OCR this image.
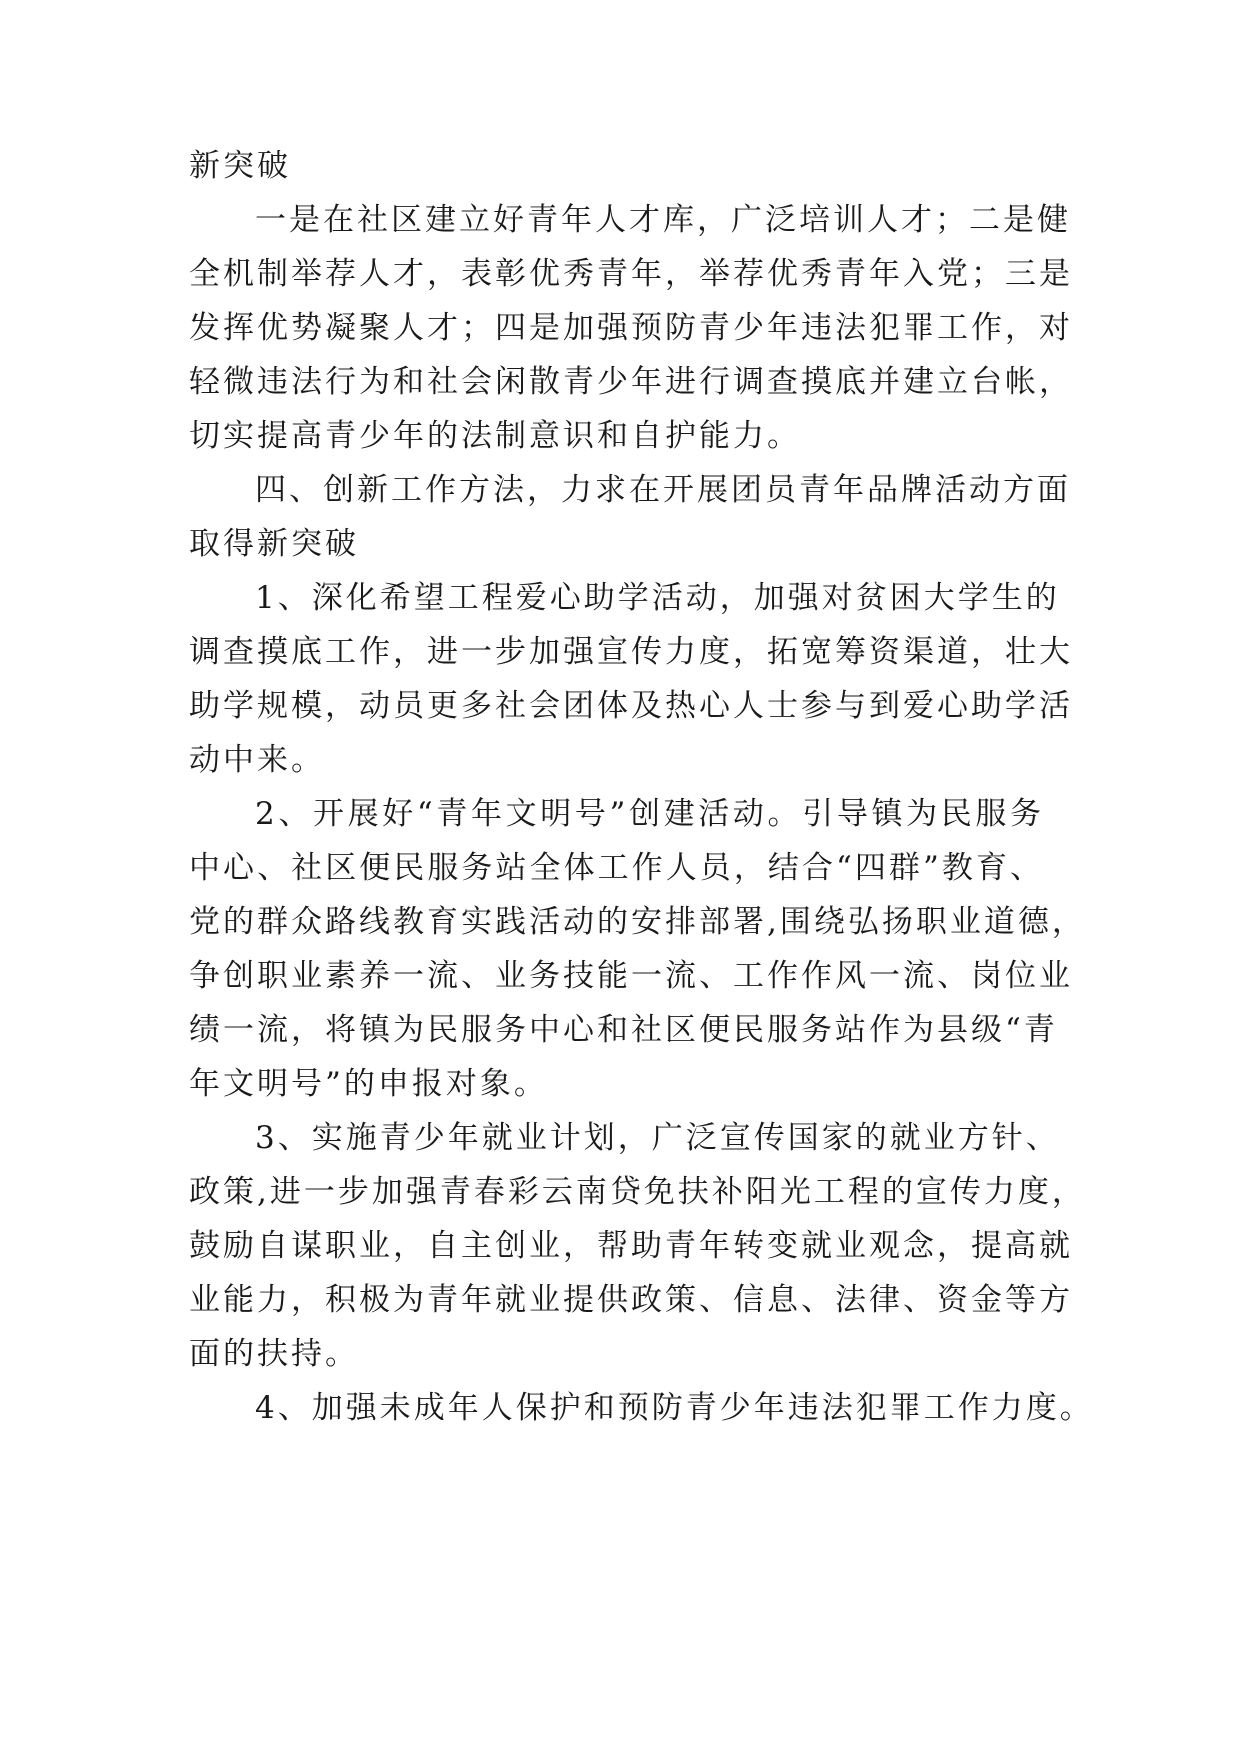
新突破
一是在社区建立好青年人才库，广泛培训人才；二是健
全机制举荐人才，表彰优秀青年，举荐优秀青年入党；三是
发挥优势凝聚人才；四是加强预防青少年违法犯罪工作，对
轻微违法行为和社会闲散青少年进行调查摸底并建立台帐，
切实提高青少年的法制意识和自护能力。
四、创新工作方法，力求在开展团员青年品牌活动方面
取得新突破
1、深化希望工程爱心助学活动，加强对贫困大学生的
调查摸底工作，进一步加强宣传力度，拓宽筹资渠道，壮大
助学规模，动员更多社会团体及热心人士参与到爱心助学活
动中来。
2、开展好“青年文明号”创建活动。引导镇为民服务
中心、社区便民服务站全体工作人员，结合“四群”教育、
党的群众路线教育实践活动的安排部署,围绕弘扬职业道德，
争创职业素养一流、业务技能一流、工作作风一流、岗位业
绩一流，将镇为民服务中心和社区便民服务站作为县级“青
年文明号”的申报对象。
3、实施青少年就业计划，广泛宣传国家的就业方针、
政策,进一步加强青春彩云南贷免扶补阳光工程的宣传力度，
鼓励自谋职业，自主创业，帮助青年转变就业观念，提高就
业能力，积极为青年就业提供政策、信息、法律、资金等方
面的扶持。
4、加强未成年人保护和预防青少年违法犯罪工作力度。
